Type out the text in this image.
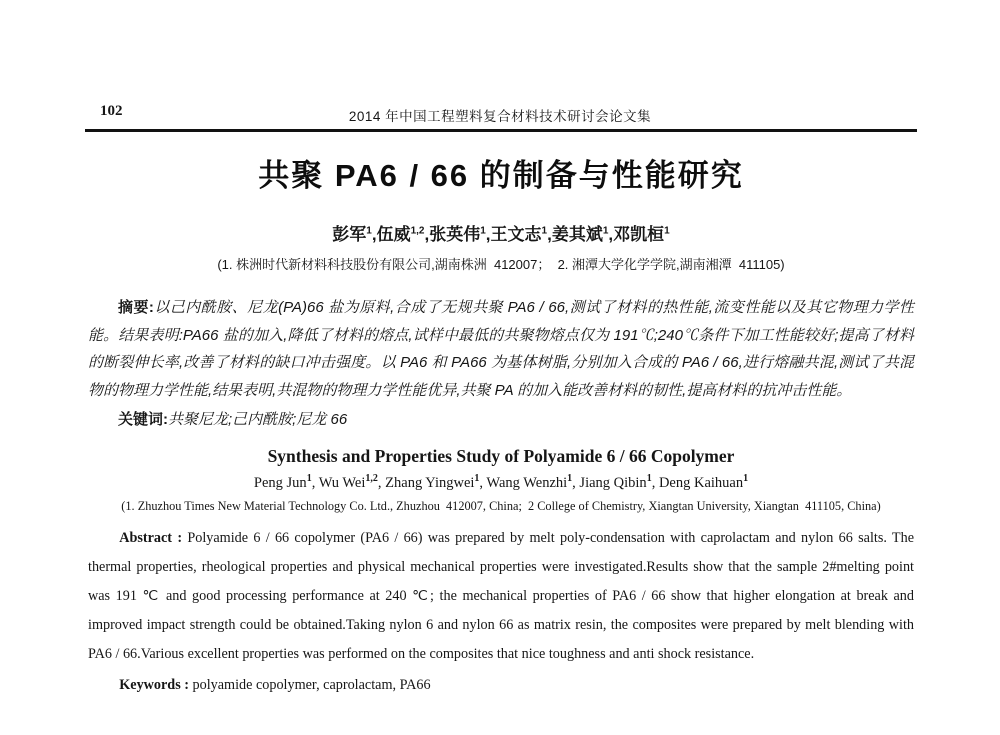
102	2014 年中国工程塑料复合材料技术研讨会论文集
共聚 PA6 / 66 的制备与性能研究
彭军$^1$,伍威$^{1,2}$,张英伟$^1$,王文志$^1$,姜其斌$^1$,邓凯桓$^1$
(1. 株洲时代新材料科技股份有限公司,湖南株洲  412007；  2. 湘潭大学化学学院,湖南湘潭  411105)

摘要:以己内酰胺、尼龙(PA)66 盐为原料,合成了无规共聚 PA6 / 66,测试了材料的热性能,流变性能以及其它物理力学性能。结果表明:PA66 盐的加入,降低了材料的熔点,试样中最低的共聚物熔点仅为 191℃;240℃条件下加工性能较好;提高了材料的断裂伸长率,改善了材料的缺口冲击强度。以 PA6 和 PA66 为基体树脂,分别加入合成的 PA6 / 66,进行熔融共混,测试了共混物的物理力学性能,结果表明,共混物的物理力学性能优异,共聚 PA 的加入能改善材料的韧性,提高材料的抗冲击性能。

关键词:共聚尼龙;己内酰胺;尼龙 66

Synthesis and Properties Study of Polyamide 6 / 66 Copolymer
Peng Jun$^1$, Wu Wei$^{1,2}$, Zhang Yingwei$^1$, Wang Wenzhi$^1$, Jiang Qibin$^1$, Deng Kaihuan$^1$
(1. Zhuzhou Times New Material Technology Co. Ltd., Zhuzhou  412007, China;  2 College of Chemistry, Xiangtan University, Xiangtan  411105, China)

Abstract : Polyamide 6 / 66 copolymer (PA6 / 66) was prepared by melt poly-condensation with caprolactam and nylon 66 salts. The thermal properties, rheological properties and physical mechanical properties were investigated.Results show that the sample 2#melting point was 191 ℃ and good processing performance at 240 ℃; the mechanical properties of PA6 / 66 show that higher elongation at break and improved impact strength could be obtained.Taking nylon 6 and nylon 66 as matrix resin, the composites were prepared by melt blending with PA6 / 66.Various excellent properties was performed on the composites that nice toughness and anti shock resistance.

Keywords : polyamide copolymer, caprolactam, PA66
